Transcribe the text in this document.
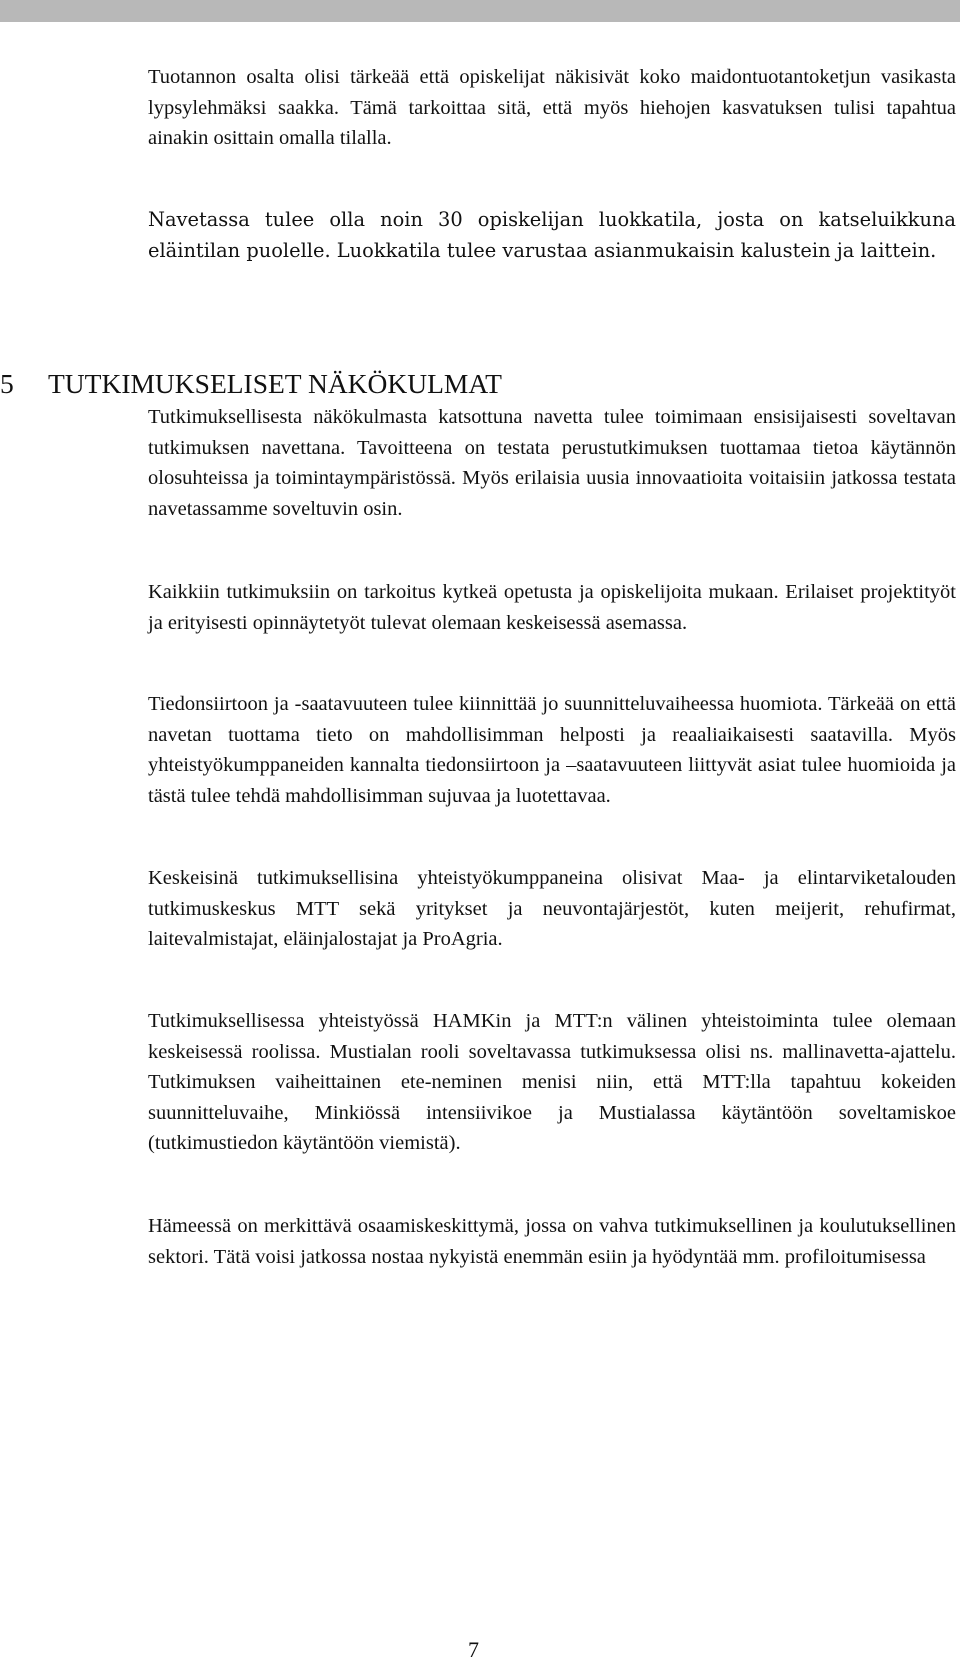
Tuotannon osalta olisi tärkeää että opiskelijat näkisivät koko maidontuotantoketjun vasikasta lypsylehmäksi saakka. Tämä tarkoittaa sitä, että myös hiehojen kasvatuksen tulisi tapahtua ainakin osittain omalla tilalla.

Navetassa tulee olla noin 30 opiskelijan luokkatila, josta on katseluikkuna eläintilan puolelle. Luokkatila tulee varustaa asianmukaisin kalustein ja laittein.

5 TUTKIMUKSELISET NÄKÖKULMAT

Tutkimuksellisesta näkökulmasta katsottuna navetta tulee toimimaan ensisijaisesti soveltavan tutkimuksen navettana. Tavoitteena on testata perustutkimuksen tuottamaa tietoa käytännön olosuhteissa ja toimintaympäristössä. Myös erilaisia uusia innovaatioita voitaisiin jatkossa testata navetassamme soveltuvin osin.

Kaikkiin tutkimuksiin on tarkoitus kytkeä opetusta ja opiskelijoita mukaan. Erilaiset projektityöt ja erityisesti opinnäytetyöt tulevat olemaan keskeisessä asemassa.

Tiedonsiirtoon ja -saatavuuteen tulee kiinnittää jo suunnitteluvaiheessa huomiota. Tärkeää on että navetan tuottama tieto on mahdollisimman helposti ja reaaliaikaisesti saatavilla. Myös yhteistyökumppaneiden kannalta tiedonsiirtoon ja –saatavuuteen liittyvät asiat tulee huomioida ja tästä tulee tehdä mahdollisimman sujuvaa ja luotettavaa.

Keskeisinä tutkimuksellisina yhteistyökumppaneina olisivat Maa- ja elintarviketalouden tutkimuskeskus MTT sekä yritykset ja neuvontajärjestöt, kuten meijerit, rehufirmat, laitevalmistajat, eläinjalostajat ja ProAgria.

Tutkimuksellisessa yhteistyössä HAMKin ja MTT:n välinen yhteistoiminta tulee olemaan keskeisessä roolissa. Mustialan rooli soveltavassa tutkimuksessa olisi ns. mallinavetta-ajattelu. Tutkimuksen vaiheittainen ete-neminen menisi niin, että MTT:lla tapahtuu kokeiden suunnitteluvaihe, Minkiössä intensiivikoe ja Mustialassa käytäntöön soveltamiskoe (tutkimustiedon käytäntöön viemistä).

Hämeessä on merkittävä osaamiskeskittymä, jossa on vahva tutkimuksellinen ja koulutuksellinen sektori. Tätä voisi jatkossa nostaa nykyistä enemmän esiin ja hyödyntää mm. profiloitumisessa

7
